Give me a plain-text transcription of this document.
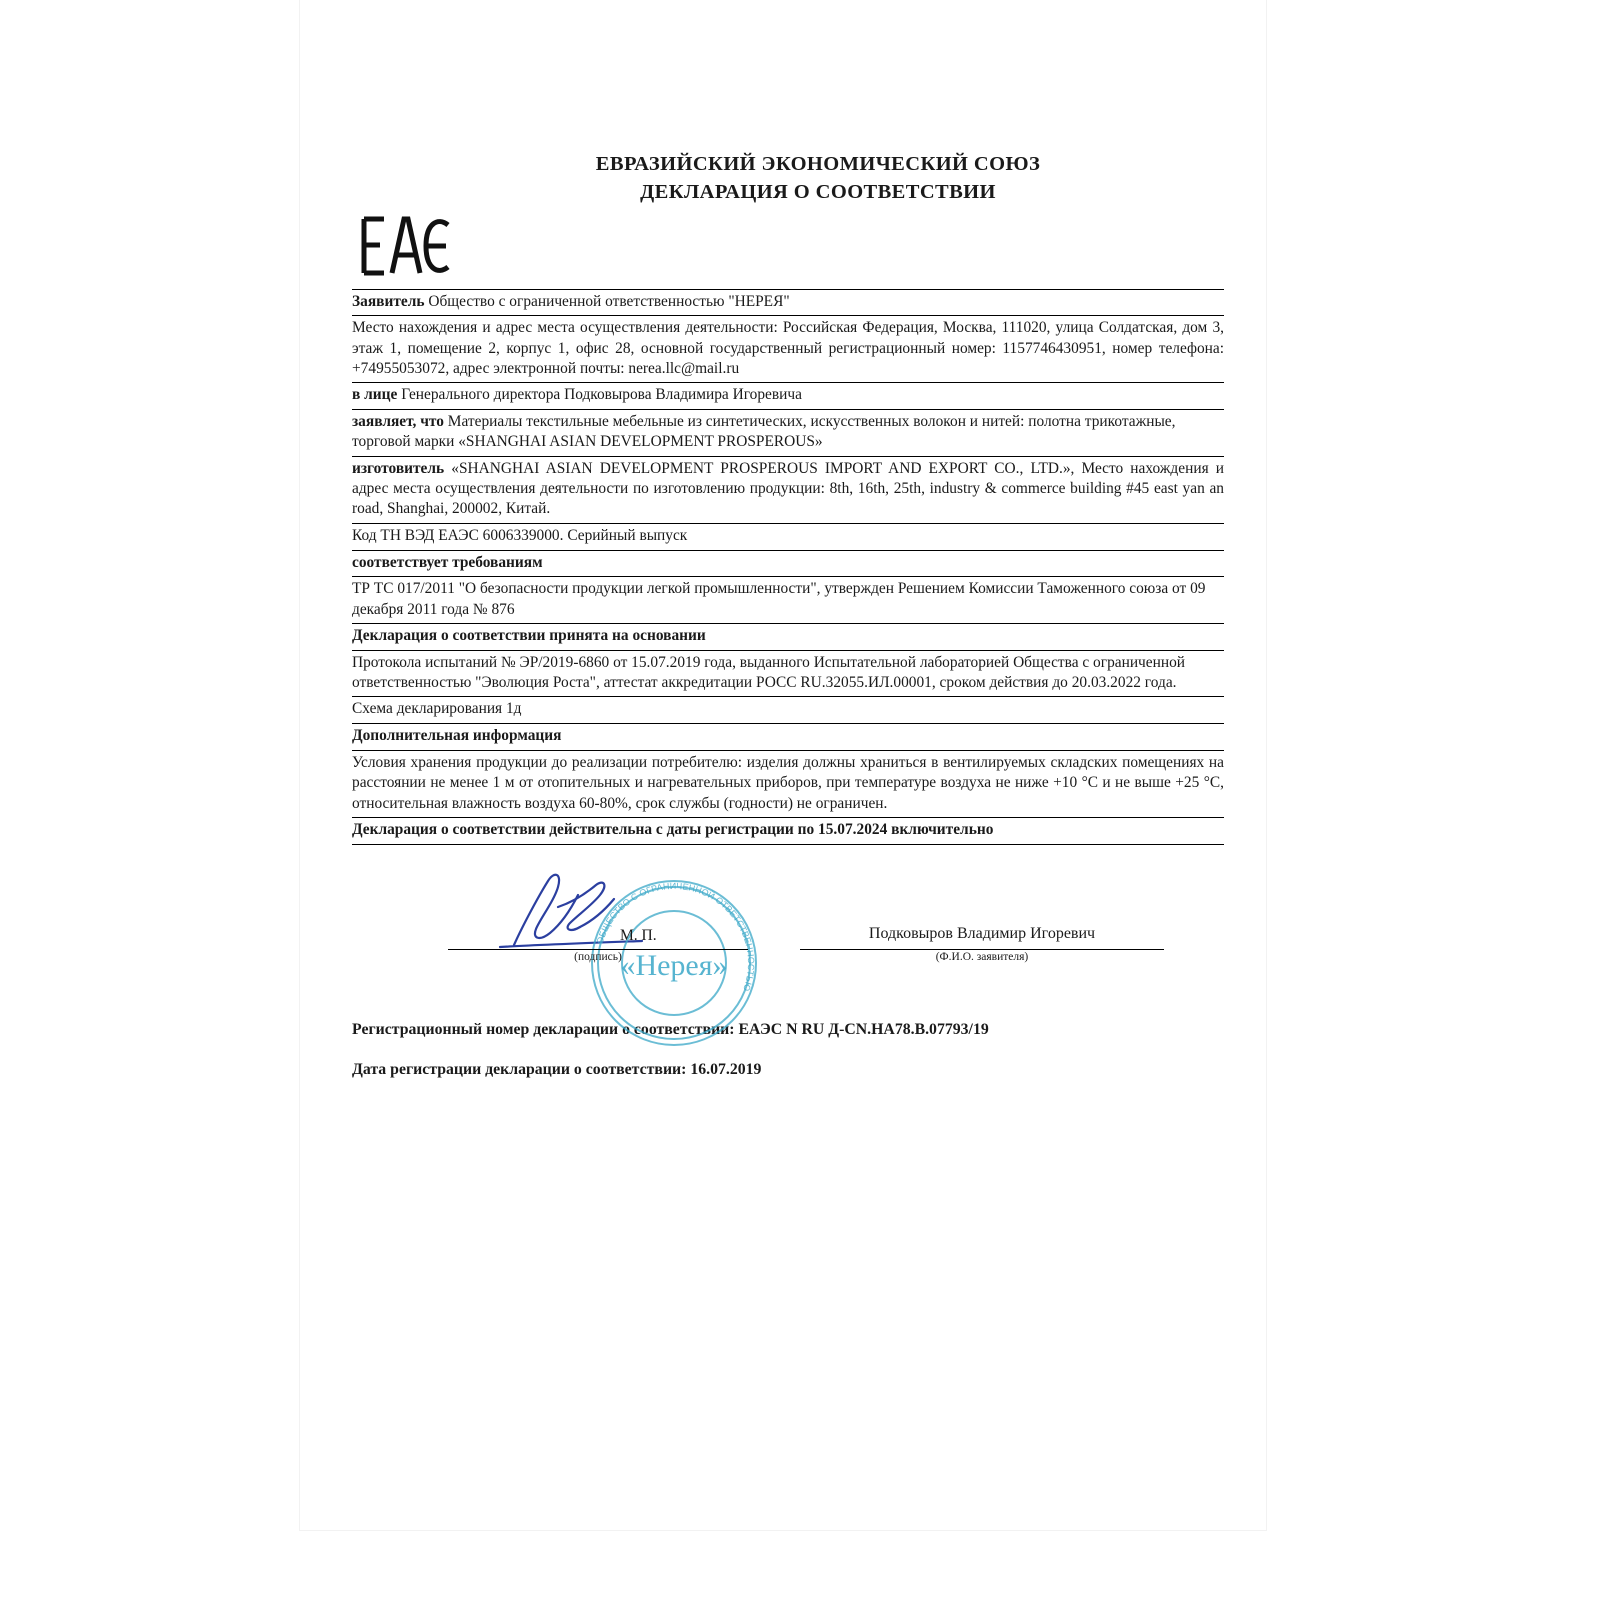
ЕВРАЗИЙСКИЙ ЭКОНОМИЧЕСКИЙ СОЮЗ
ДЕКЛАРАЦИЯ О СООТВЕТСТВИИ

Заявитель Общество с ограниченной ответственностью "НЕРЕЯ"

Место нахождения и адрес места осуществления деятельности: Российская Федерация, Москва, 111020, улица Солдатская, дом 3, этаж 1, помещение 2, корпус 1, офис 28, основной государственный регистрационный номер: 1157746430951, номер телефона: +74955053072, адрес электронной почты: nerea.llc@mail.ru

в лице Генерального директора Подковырова Владимира Игоревича

заявляет, что Материалы текстильные мебельные из синтетических, искусственных волокон и нитей: полотна трикотажные, торговой марки «SHANGHAI ASIAN DEVELOPMENT PROSPEROUS»

изготовитель «SHANGHAI ASIAN DEVELOPMENT PROSPEROUS IMPORT AND EXPORT CO., LTD.», Место нахождения и адрес места осуществления деятельности по изготовлению продукции: 8th, 16th, 25th, industry & commerce building #45 east yan an road, Shanghai, 200002, Китай.

Код ТН ВЭД ЕАЭС 6006339000. Серийный выпуск

соответствует требованиям

ТР ТС 017/2011 "О безопасности продукции легкой промышленности", утвержден Решением Комиссии Таможенного союза от 09 декабря 2011 года № 876

Декларация о соответствии принята на основании

Протокола испытаний № ЭР/2019-6860 от 15.07.2019 года, выданного Испытательной лабораторией Общества с ограниченной ответственностью "Эволюция Роста", аттестат аккредитации РОСС RU.32055.ИЛ.00001, сроком действия до 20.03.2022 года.

Схема декларирования 1д

Дополнительная информация

Условия хранения продукции до реализации потребителю: изделия должны храниться в вентилируемых складских помещениях на расстоянии не менее 1 м от отопительных и нагревательных приборов, при температуре воздуха не ниже +10 °С и не выше +25 °С, относительная влажность воздуха 60-80%, срок службы (годности) не ограничен.

Декларация о соответствии действительна с даты регистрации по 15.07.2024 включительно

ОБЩЕСТВО С ОГРАНИЧЕННОЙ ОТВЕТСТВЕННОСТЬЮ
«Нерея»
М. П.	Подковыров Владимир Игоревич
(подпись)	(Ф.И.О. заявителя)
Регистрационный номер декларации о соответствии: ЕАЭС N RU Д-CN.НА78.В.07793/19
Дата регистрации декларации о соответствии: 16.07.2019
